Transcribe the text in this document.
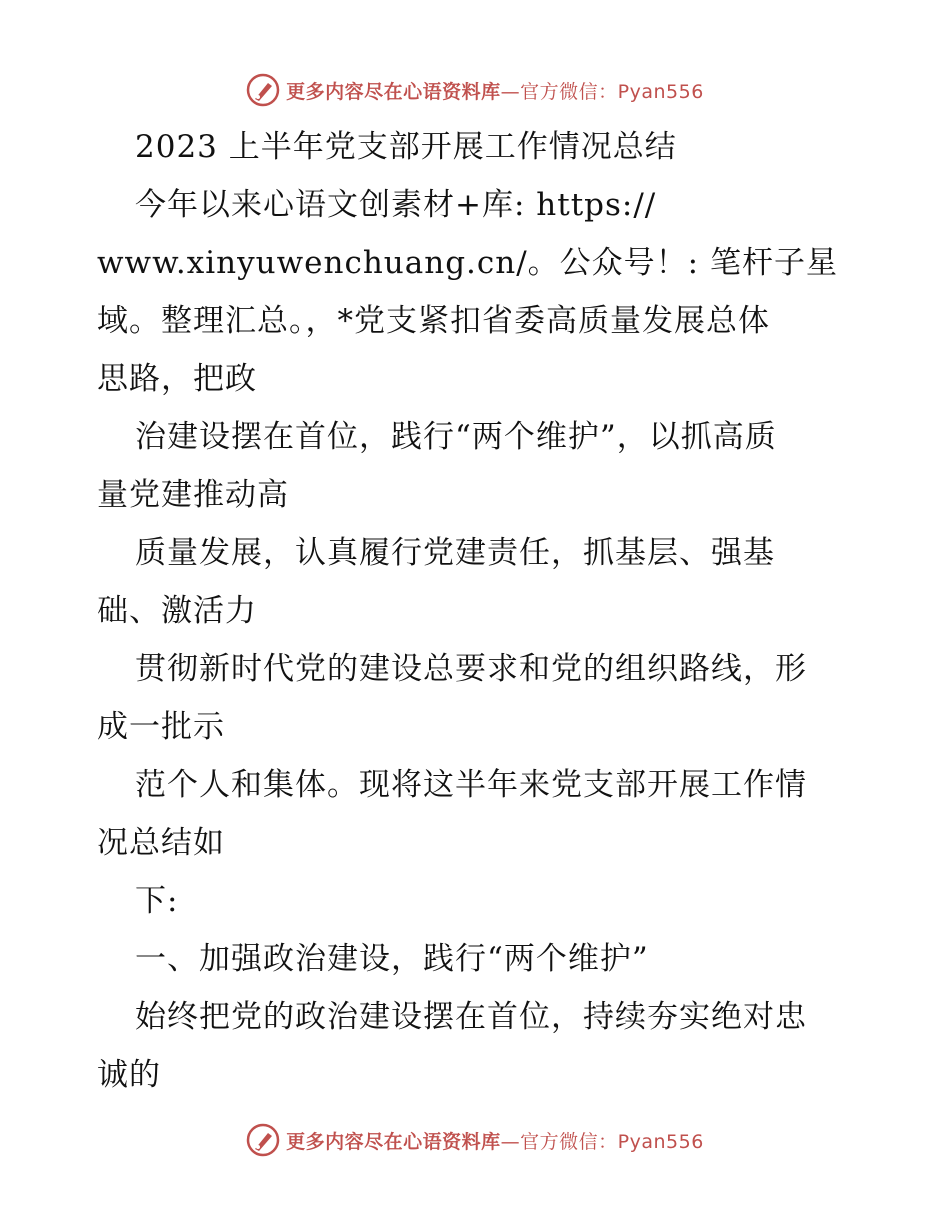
更多内容尽在心语资料库—官方微信：Pyan556
2023 上半年党支部开展工作情况总结
今年以来心语文创素材+库: https://
www.xinyuwenchuang.cn/。公众号！: 笔杆子星
域。整理汇总。，*党支紧扣省委高质量发展总体
思路，把政
治建设摆在首位，践行“两个维护”，以抓高质
量党建推动高
质量发展，认真履行党建责任，抓基层、强基
础、激活力
贯彻新时代党的建设总要求和党的组织路线，形
成一批示
范个人和集体。现将这半年来党支部开展工作情
况总结如
下:
一、加强政治建设，践行“两个维护”
始终把党的政治建设摆在首位，持续夯实绝对忠
诚的
更多内容尽在心语资料库—官方微信：Pyan556
